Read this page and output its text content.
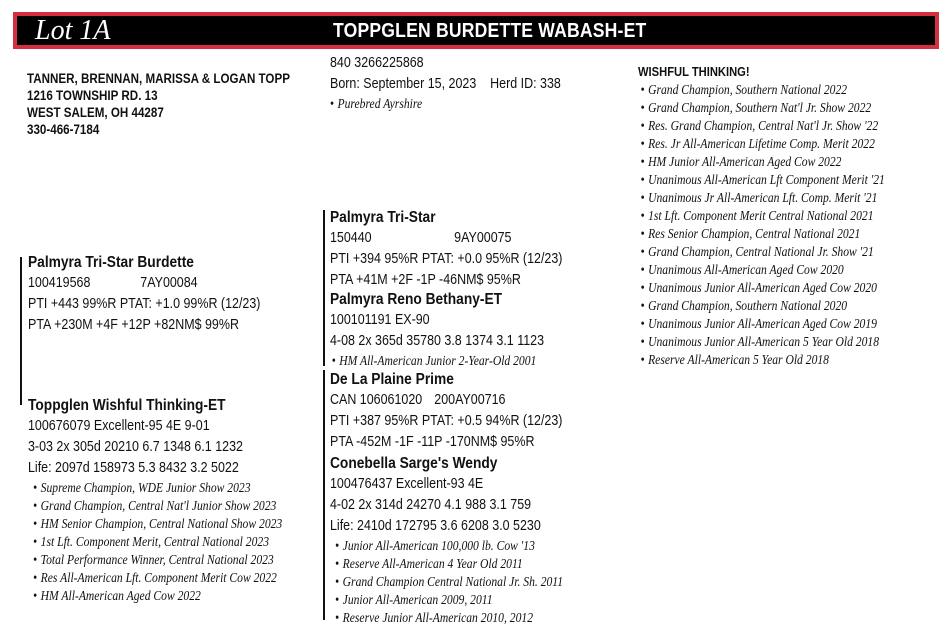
Lot 1A	TOPPGLEN BURDETTE WABASH-ET
TANNER, BRENNAN, MARISSA & LOGAN TOPP
1216 TOWNSHIP RD. 13
WEST SALEM, OH 44287
330-466-7184
840 3266225868
Born: September 15, 2023 Herd ID: 338
• Purebred Ayrshire
Palmyra Tri-Star Burdette
100419568	7AY00084
PTI +443 99%R PTAT: +1.0 99%R (12/23)
PTA +230M +4F +12P +82NM$ 99%R
Toppglen Wishful Thinking-ET
100676079 Excellent-95 4E 9-01
3-03 2x 305d 20210 6.7 1348 6.1 1232
Life: 2097d 158973 5.3 8432 3.2 5022
• Supreme Champion, WDE Junior Show 2023
• Grand Champion, Central Nat'l Junior Show 2023
• HM Senior Champion, Central National Show 2023
• 1st Lft. Component Merit, Central National 2023
• Total Performance Winner, Central National 2023
• Res All-American Lft. Component Merit Cow 2022
• HM All-American Aged Cow 2022
Palmyra Tri-Star
150440	9AY00075
PTI +394 95%R PTAT: +0.0 95%R (12/23)
PTA +41M +2F -1P -46NM$ 95%R
Palmyra Reno Bethany-ET
100101191 EX-90
4-08 2x 365d 35780 3.8 1374 3.1 1123
• HM All-American Junior 2-Year-Old 2001
De La Plaine Prime
CAN 106061020 200AY00716
PTI +387 95%R PTAT: +0.5 94%R (12/23)
PTA -452M -1F -11P -170NM$ 95%R
Conebella Sarge's Wendy
100476437 Excellent-93 4E
4-02 2x 314d 24270 4.1 988 3.1 759
Life: 2410d 172795 3.6 6208 3.0 5230
• Junior All-American 100,000 lb. Cow '13
• Reserve All-American 4 Year Old 2011
• Grand Champion Central National Jr. Sh. 2011
• Junior All-American 2009, 2011
• Reserve Junior All-American 2010, 2012
WISHFUL THINKING!
• Grand Champion, Southern National 2022
• Grand Champion, Southern Nat'l Jr. Show 2022
• Res. Grand Champion, Central Nat'l Jr. Show '22
• Res. Jr All-American Lifetime Comp. Merit 2022
• HM Junior All-American Aged Cow 2022
• Unanimous All-American Lft Component Merit '21
• Unanimous Jr All-American Lft. Comp. Merit '21
• 1st Lft. Component Merit Central National 2021
• Res Senior Champion, Central National 2021
• Grand Champion, Central National Jr. Show '21
• Unanimous All-American Aged Cow 2020
• Unanimous Junior All-American Aged Cow 2020
• Grand Champion, Southern National 2020
• Unanimous Junior All-American Aged Cow 2019
• Unanimous Junior All-American 5 Year Old 2018
• Reserve All-American 5 Year Old 2018
